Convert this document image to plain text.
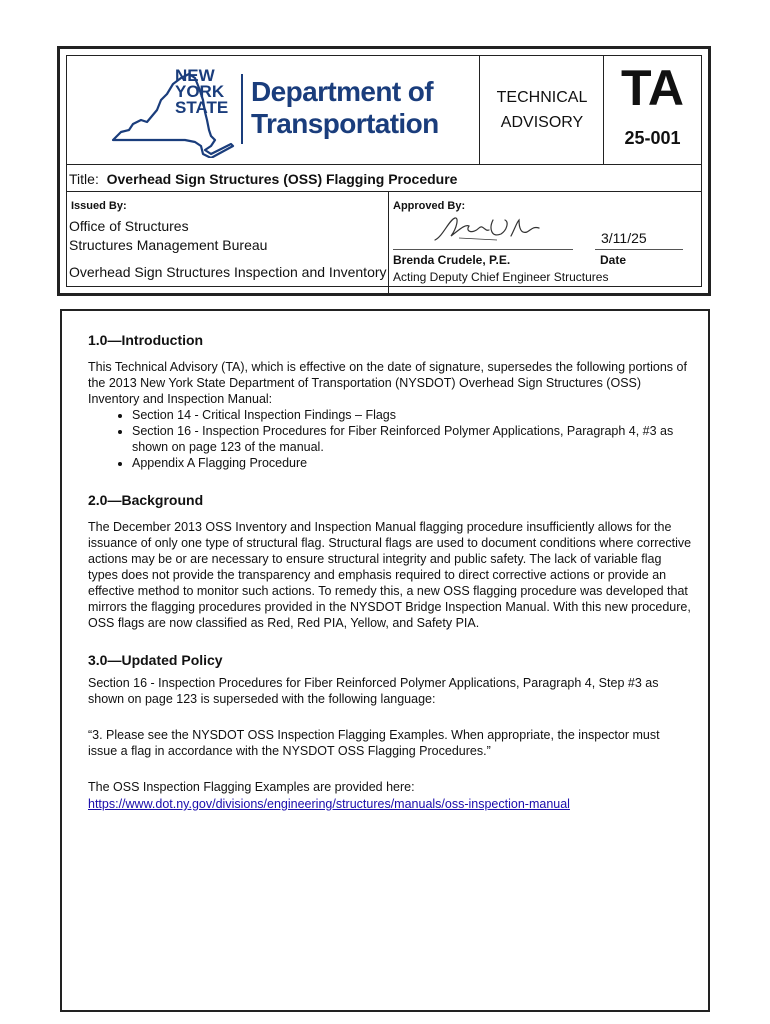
NEW
YORK
STATE
Department of
Transportation
TECHNICAL
ADVISORY
TA
25-001
Title:  Overhead Sign Structures (OSS) Flagging Procedure
Issued By:
Office of Structures
Structures Management Bureau
Overhead Sign Structures Inspection and Inventory
Approved By:
3/11/25
Brenda Crudele, P.E.	Date
Acting Deputy Chief Engineer Structures
1.0—Introduction

This Technical Advisory (TA), which is effective on the date of signature, supersedes the following portions of the 2013 New York State Department of Transportation (NYSDOT) Overhead Sign Structures (OSS) Inventory and Inspection Manual:

• Section 14 - Critical Inspection Findings – Flags
• Section 16 - Inspection Procedures for Fiber Reinforced Polymer Applications, Paragraph 4, #3 as shown on page 123 of the manual.
• Appendix A Flagging Procedure
2.0—Background

The December 2013 OSS Inventory and Inspection Manual flagging procedure insufficiently allows for the issuance of only one type of structural flag. Structural flags are used to document conditions where corrective actions may be or are necessary to ensure structural integrity and public safety. The lack of variable flag types does not provide the transparency and emphasis required to direct corrective actions or provide an effective method to monitor such actions. To remedy this, a new OSS flagging procedure was developed that mirrors the flagging procedures provided in the NYSDOT Bridge Inspection Manual. With this new procedure, OSS flags are now classified as Red, Red PIA, Yellow, and Safety PIA.

3.0—Updated Policy

Section 16 - Inspection Procedures for Fiber Reinforced Polymer Applications, Paragraph 4, Step #3 as shown on page 123 is superseded with the following language:

“3. Please see the NYSDOT OSS Inspection Flagging Examples. When appropriate, the inspector must issue a flag in accordance with the NYSDOT OSS Flagging Procedures.”

The OSS Inspection Flagging Examples are provided here:

https://www.dot.ny.gov/divisions/engineering/structures/manuals/oss-inspection-manual
